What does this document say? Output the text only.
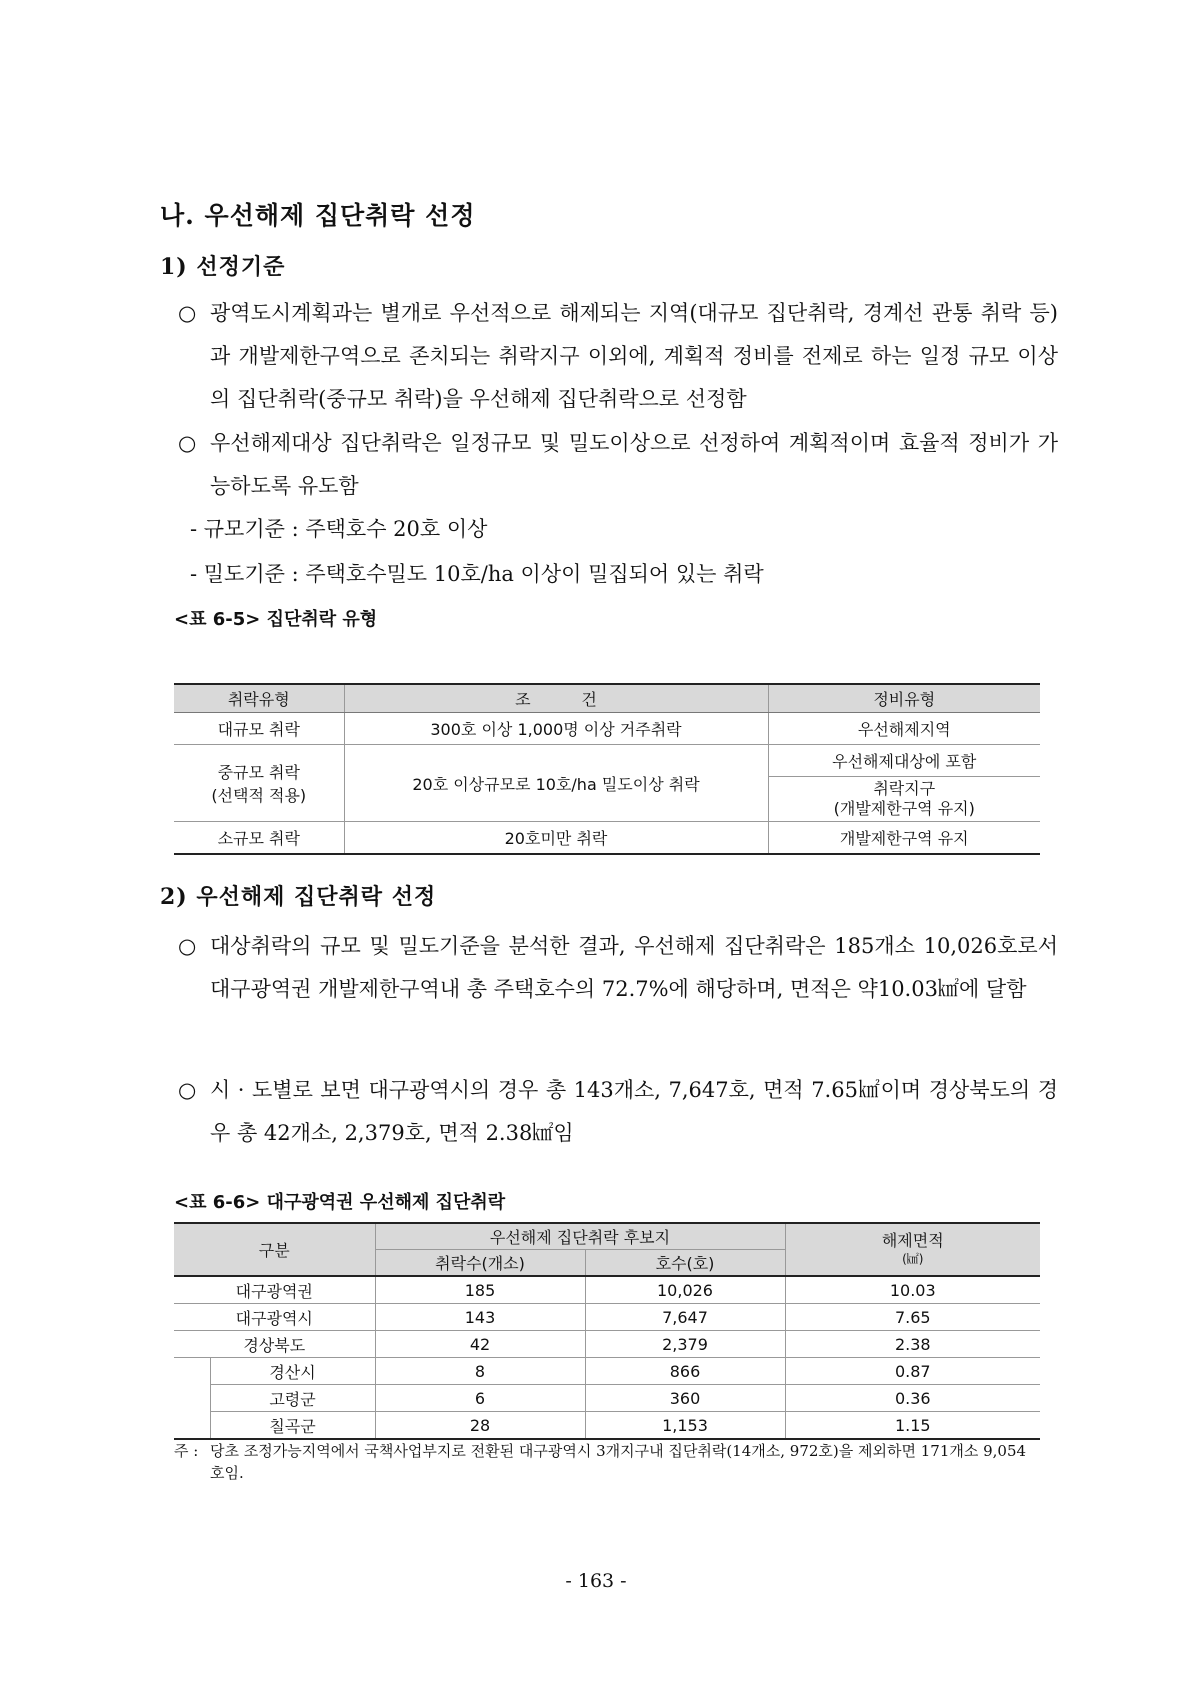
나. 우선해제 집단취락 선정
1) 선정기준
○ 광역도시계획과는 별개로 우선적으로 해제되는 지역(대규모 집단취락, 경계선 관통 취락 등)과 개발제한구역으로 존치되는 취락지구 이외에, 계획적 정비를 전제로 하는 일정 규모 이상의 집단취락(중규모 취락)을 우선해제 집단취락으로 선정함
○ 우선해제대상 집단취락은 일정규모 및 밀도이상으로 선정하여 계획적이며 효율적 정비가 가능하도록 유도함
- 규모기준 : 주택호수 20호 이상
- 밀도기준 : 주택호수밀도 10호/ha 이상이 밀집되어 있는 취락
<표 6-5> 집단취락 유형
취락유형	조          건	정비유형
대규모 취락	300호 이상 1,000명 이상 거주취락	우선해제지역

중규모 취락
(선택적 적용)	20호 이상규모로 10호/ha 밀도이상 취락	우선해제대상에 포함

		취락지구
(개발제한구역 유지)

소규모 취락	20호미만 취락	개발제한구역 유지
2) 우선해제 집단취락 선정
○ 대상취락의 규모 및 밀도기준을 분석한 결과, 우선해제 집단취락은 185개소 10,026호로서 대구광역권 개발제한구역내 총 주택호수의 72.7%에 해당하며, 면적은 약10.03㎢에 달함
○ 시 · 도별로 보면 대구광역시의 경우 총 143개소, 7,647호, 면적 7.65㎢이며 경상북도의 경우 총 42개소, 2,379호, 면적 2.38㎢임
<표 6-6> 대구광역권 우선해제 집단취락
구분		우선해제 집단취락 후보지		해제면적
(㎢)

		취락수(개소)	호수(호)	
대구광역권		185	10,026	10.03
대구광역시		143	7,647	7.65
경상북도		42	2,379	2.38
	경산시	8	866	0.87
	고령군	6	360	0.36
	칠곡군	28	1,153	1.15
주 : 당초 조정가능지역에서 국책사업부지로 전환된 대구광역시 3개지구내 집단취락(14개소, 972호)을 제외하면 171개소 9,054호임.
- 163 -
